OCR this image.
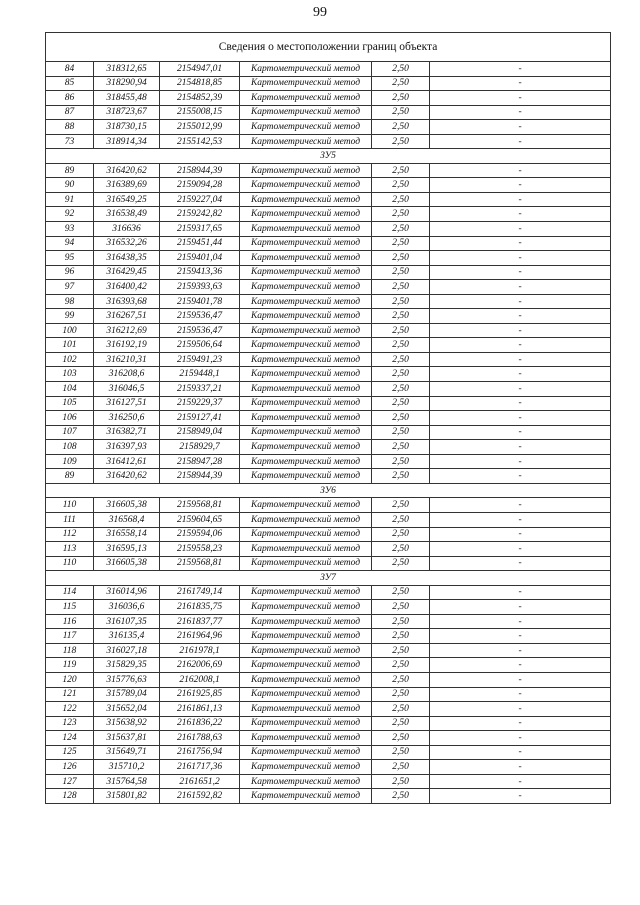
99
Сведения о местоположении границ объекта					
84	318312,65	2154947,01	Картометрический метод	2,50	-
85	318290,94	2154818,85	Картометрический метод	2,50	-
86	318455,48	2154852,39	Картометрический метод	2,50	-
87	318723,67	2155008,15	Картометрический метод	2,50	-
88	318730,15	2155012,99	Картометрический метод	2,50	-
73	318914,34	2155142,53	Картометрический метод	2,50	-
ЗУ5					
89	316420,62	2158944,39	Картометрический метод	2,50	-
90	316389,69	2159094,28	Картометрический метод	2,50	-
91	316549,25	2159227,04	Картометрический метод	2,50	-
92	316538,49	2159242,82	Картометрический метод	2,50	-
93	316636	2159317,65	Картометрический метод	2,50	-
94	316532,26	2159451,44	Картометрический метод	2,50	-
95	316438,35	2159401,04	Картометрический метод	2,50	-
96	316429,45	2159413,36	Картометрический метод	2,50	-
97	316400,42	2159393,63	Картометрический метод	2,50	-
98	316393,68	2159401,78	Картометрический метод	2,50	-
99	316267,51	2159536,47	Картометрический метод	2,50	-
100	316212,69	2159536,47	Картометрический метод	2,50	-
101	316192,19	2159506,64	Картометрический метод	2,50	-
102	316210,31	2159491,23	Картометрический метод	2,50	-
103	316208,6	2159448,1	Картометрический метод	2,50	-
104	316046,5	2159337,21	Картометрический метод	2,50	-
105	316127,51	2159229,37	Картометрический метод	2,50	-
106	316250,6	2159127,41	Картометрический метод	2,50	-
107	316382,71	2158949,04	Картометрический метод	2,50	-
108	316397,93	2158929,7	Картометрический метод	2,50	-
109	316412,61	2158947,28	Картометрический метод	2,50	-
89	316420,62	2158944,39	Картометрический метод	2,50	-
ЗУ6					
110	316605,38	2159568,81	Картометрический метод	2,50	-
111	316568,4	2159604,65	Картометрический метод	2,50	-
112	316558,14	2159594,06	Картометрический метод	2,50	-
113	316595,13	2159558,23	Картометрический метод	2,50	-
110	316605,38	2159568,81	Картометрический метод	2,50	-
ЗУ7					
114	316014,96	2161749,14	Картометрический метод	2,50	-
115	316036,6	2161835,75	Картометрический метод	2,50	-
116	316107,35	2161837,77	Картометрический метод	2,50	-
117	316135,4	2161964,96	Картометрический метод	2,50	-
118	316027,18	2161978,1	Картометрический метод	2,50	-
119	315829,35	2162006,69	Картометрический метод	2,50	-
120	315776,63	2162008,1	Картометрический метод	2,50	-
121	315789,04	2161925,85	Картометрический метод	2,50	-
122	315652,04	2161861,13	Картометрический метод	2,50	-
123	315638,92	2161836,22	Картометрический метод	2,50	-
124	315637,81	2161788,63	Картометрический метод	2,50	-
125	315649,71	2161756,94	Картометрический метод	2,50	-
126	315710,2	2161717,36	Картометрический метод	2,50	-
127	315764,58	2161651,2	Картометрический метод	2,50	-
128	315801,82	2161592,82	Картометрический метод	2,50	-
